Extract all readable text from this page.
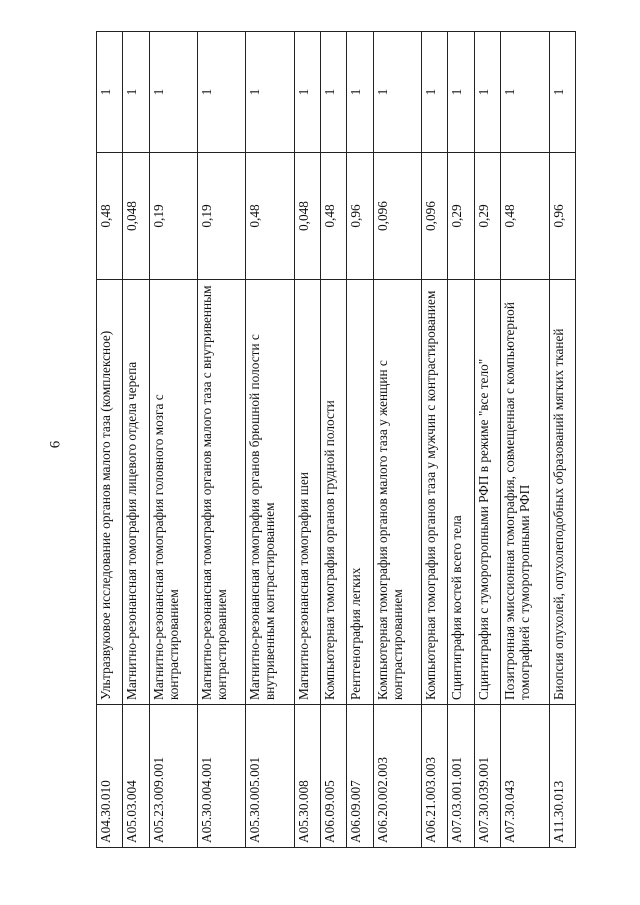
6
A04.30.010	Ультразвуковое исследование органов малого таза (комплексное)	0,48	1
A05.03.004	Магнитно-резонансная томография лицевого отдела черепа	0,048	1
A05.23.009.001	Магнитно-резонансная томография головного мозга с контрастированием	0,19	1
A05.30.004.001	Магнитно-резонансная томография органов малого таза с внутривенным контрастированием	0,19	1
A05.30.005.001	Магнитно-резонансная томография органов брюшной полости с внутривенным контрастированием	0,48	1
A05.30.008	Магнитно-резонансная томография шеи	0,048	1
A06.09.005	Компьютерная томография органов грудной полости	0,48	1
A06.09.007	Рентгенография легких	0,96	1
A06.20.002.003	Компьютерная томография органов малого таза у женщин с контрастированием	0,096	1
A06.21.003.003	Компьютерная томография органов таза у мужчин с контрастированием	0,096	1
A07.03.001.001	Сцинтиграфия костей всего тела	0,29	1
A07.30.039.001	Сцинтиграфия с туморотропными РФП в режиме "все тело"	0,29	1
A07.30.043	Позитронная эмиссионная томография, совмещенная с компьютерной томографией с туморотропными РФП	0,48	1
A11.30.013	Биопсия опухолей, опухолеподобных образований мягких тканей	0,96	1
